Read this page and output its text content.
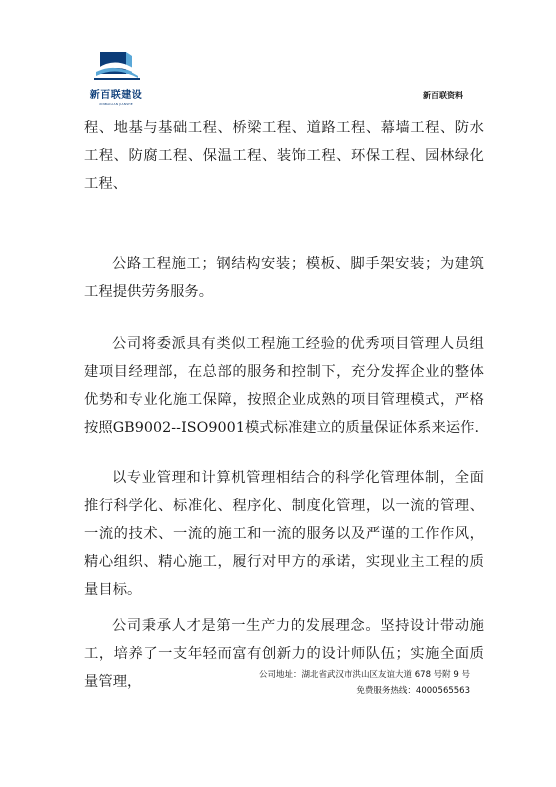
新百联建设
XINBAILIAN JIANSHE
新百联资料

程、地基与基础工程、桥梁工程、道路工程、幕墙工程、防水工程、防腐工程、保温工程、装饰工程、环保工程、园林绿化工程、

公路工程施工；钢结构安装；模板、脚手架安装；为建筑工程提供劳务服务。

公司将委派具有类似工程施工经验的优秀项目管理人员组建项目经理部，在总部的服务和控制下，充分发挥企业的整体优势和专业化施工保障，按照企业成熟的项目管理模式，严格按照GB9002--ISO9001模式标准建立的质量保证体系来运作.

以专业管理和计算机管理相结合的科学化管理体制，全面推行科学化、标准化、程序化、制度化管理，以一流的管理、一流的技术、一流的施工和一流的服务以及严谨的工作作风，精心组织、精心施工，履行对甲方的承诺，实现业主工程的质量目标。

公司秉承人才是第一生产力的发展理念。坚持设计带动施工，培养了一支年轻而富有创新力的设计师队伍；实施全面质量管理，	公司地址：湖北省武汉市洪山区友谊大道 678 号附 9 号
免费服务热线：4000565563
